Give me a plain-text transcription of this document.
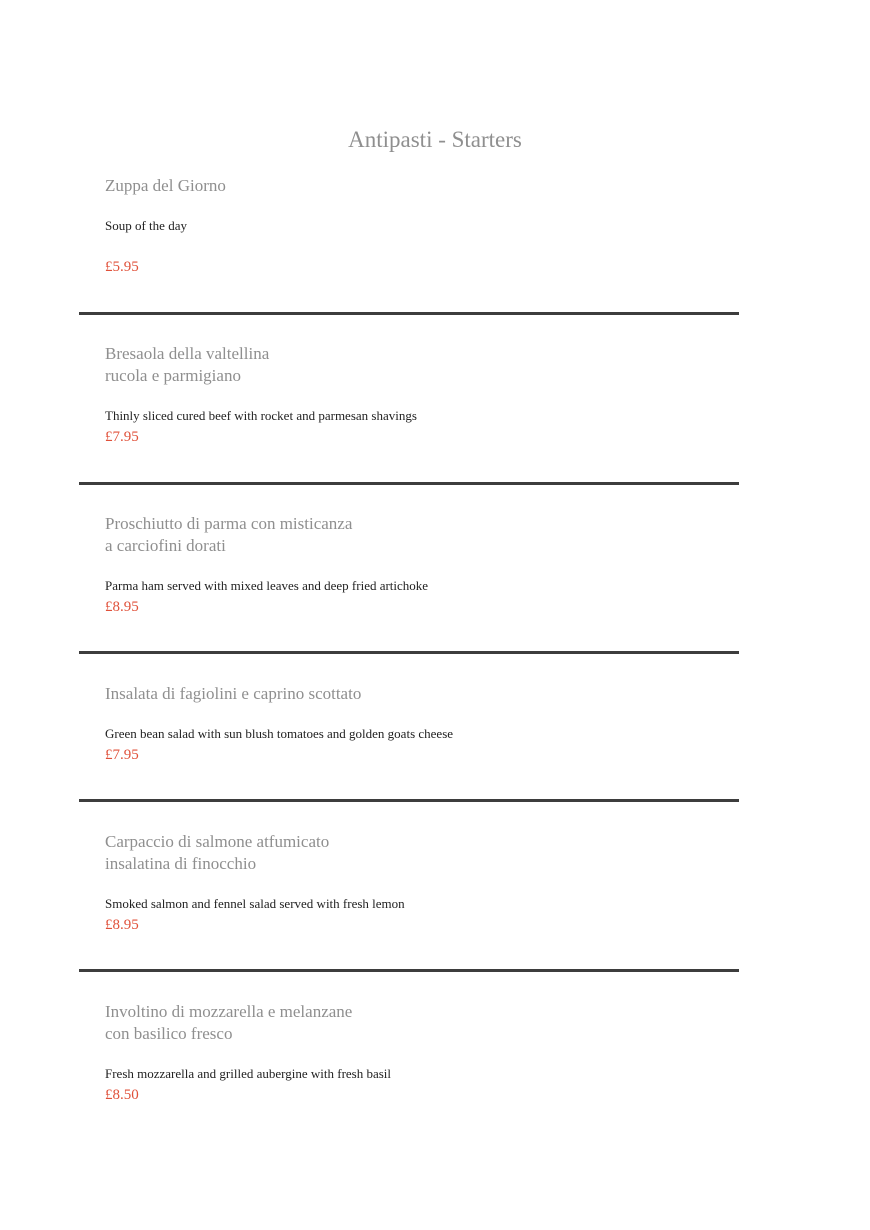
Antipasti - Starters
Zuppa del Giorno
Soup of the day
£5.95
Bresaola della valtellina
rucola e parmigiano
Thinly sliced cured beef with rocket and parmesan shavings
£7.95
Proschiutto di parma con misticanza
a carciofini dorati
Parma ham served with mixed leaves and deep fried artichoke
£8.95
Insalata di fagiolini e caprino scottato
Green bean salad with sun blush tomatoes and golden goats cheese
£7.95
Carpaccio di salmone atfumicato
insalatina di finocchio
Smoked salmon and fennel salad served with fresh lemon
£8.95
Involtino di mozzarella e melanzane
con basilico fresco
Fresh mozzarella and grilled aubergine with fresh basil
£8.50
